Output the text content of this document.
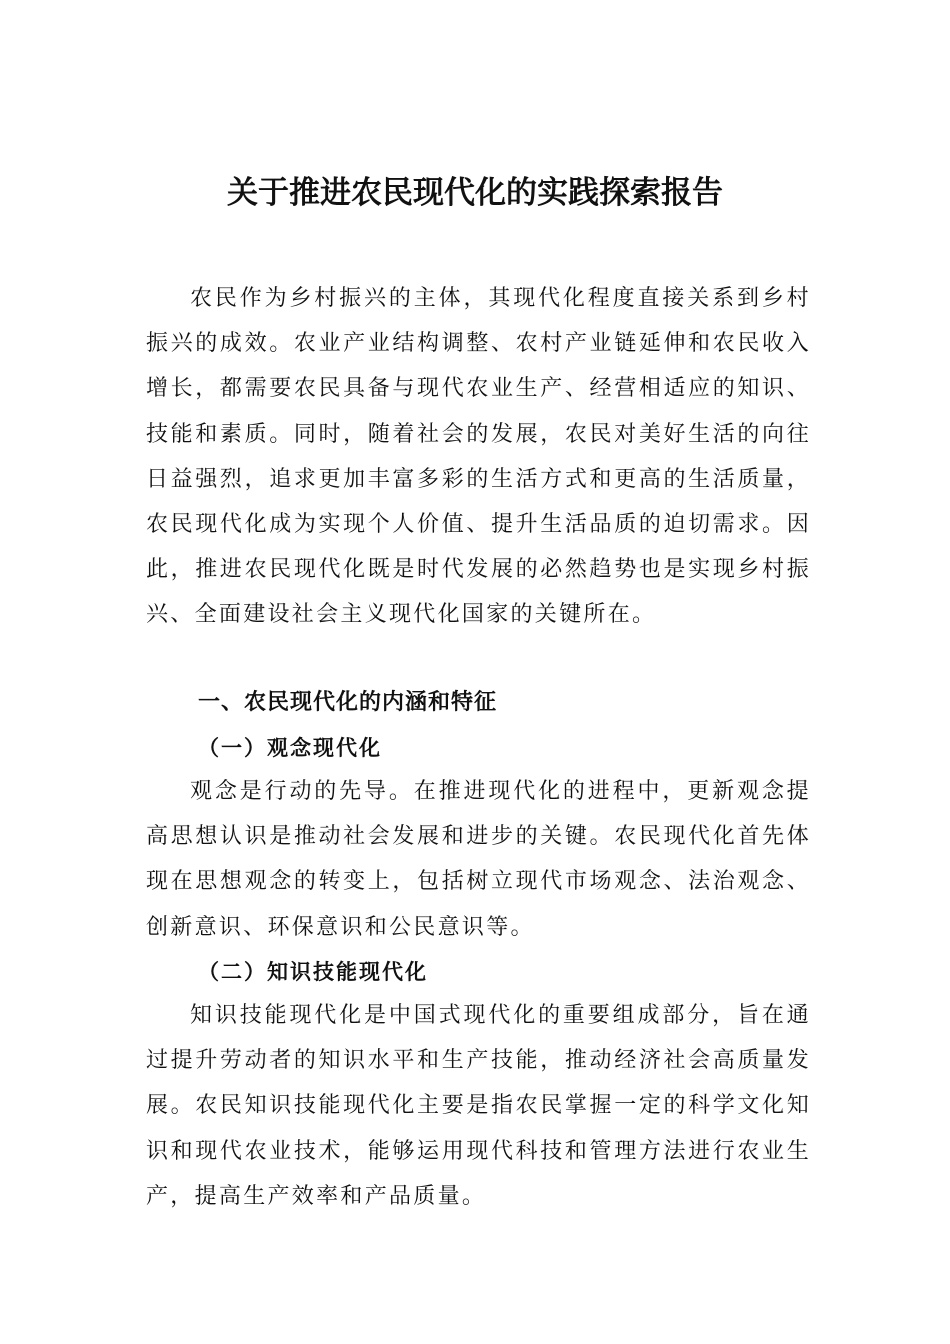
关于推进农民现代化的实践探索报告

农民作为乡村振兴的主体，其现代化程度直接关系到乡村振兴的成效。农业产业结构调整、农村产业链延伸和农民收入增长，都需要农民具备与现代农业生产、经营相适应的知识、技能和素质。同时，随着社会的发展，农民对美好生活的向往日益强烈，追求更加丰富多彩的生活方式和更高的生活质量，农民现代化成为实现个人价值、提升生活品质的迫切需求。因此，推进农民现代化既是时代发展的必然趋势也是实现乡村振兴、全面建设社会主义现代化国家的关键所在。

一、农民现代化的内涵和特征
（一）观念现代化

观念是行动的先导。在推进现代化的进程中，更新观念提高思想认识是推动社会发展和进步的关键。农民现代化首先体现在思想观念的转变上，包括树立现代市场观念、法治观念、创新意识、环保意识和公民意识等。

（二）知识技能现代化

知识技能现代化是中国式现代化的重要组成部分，旨在通过提升劳动者的知识水平和生产技能，推动经济社会高质量发展。农民知识技能现代化主要是指农民掌握一定的科学文化知识和现代农业技术，能够运用现代科技和管理方法进行农业生产，提高生产效率和产品质量。
